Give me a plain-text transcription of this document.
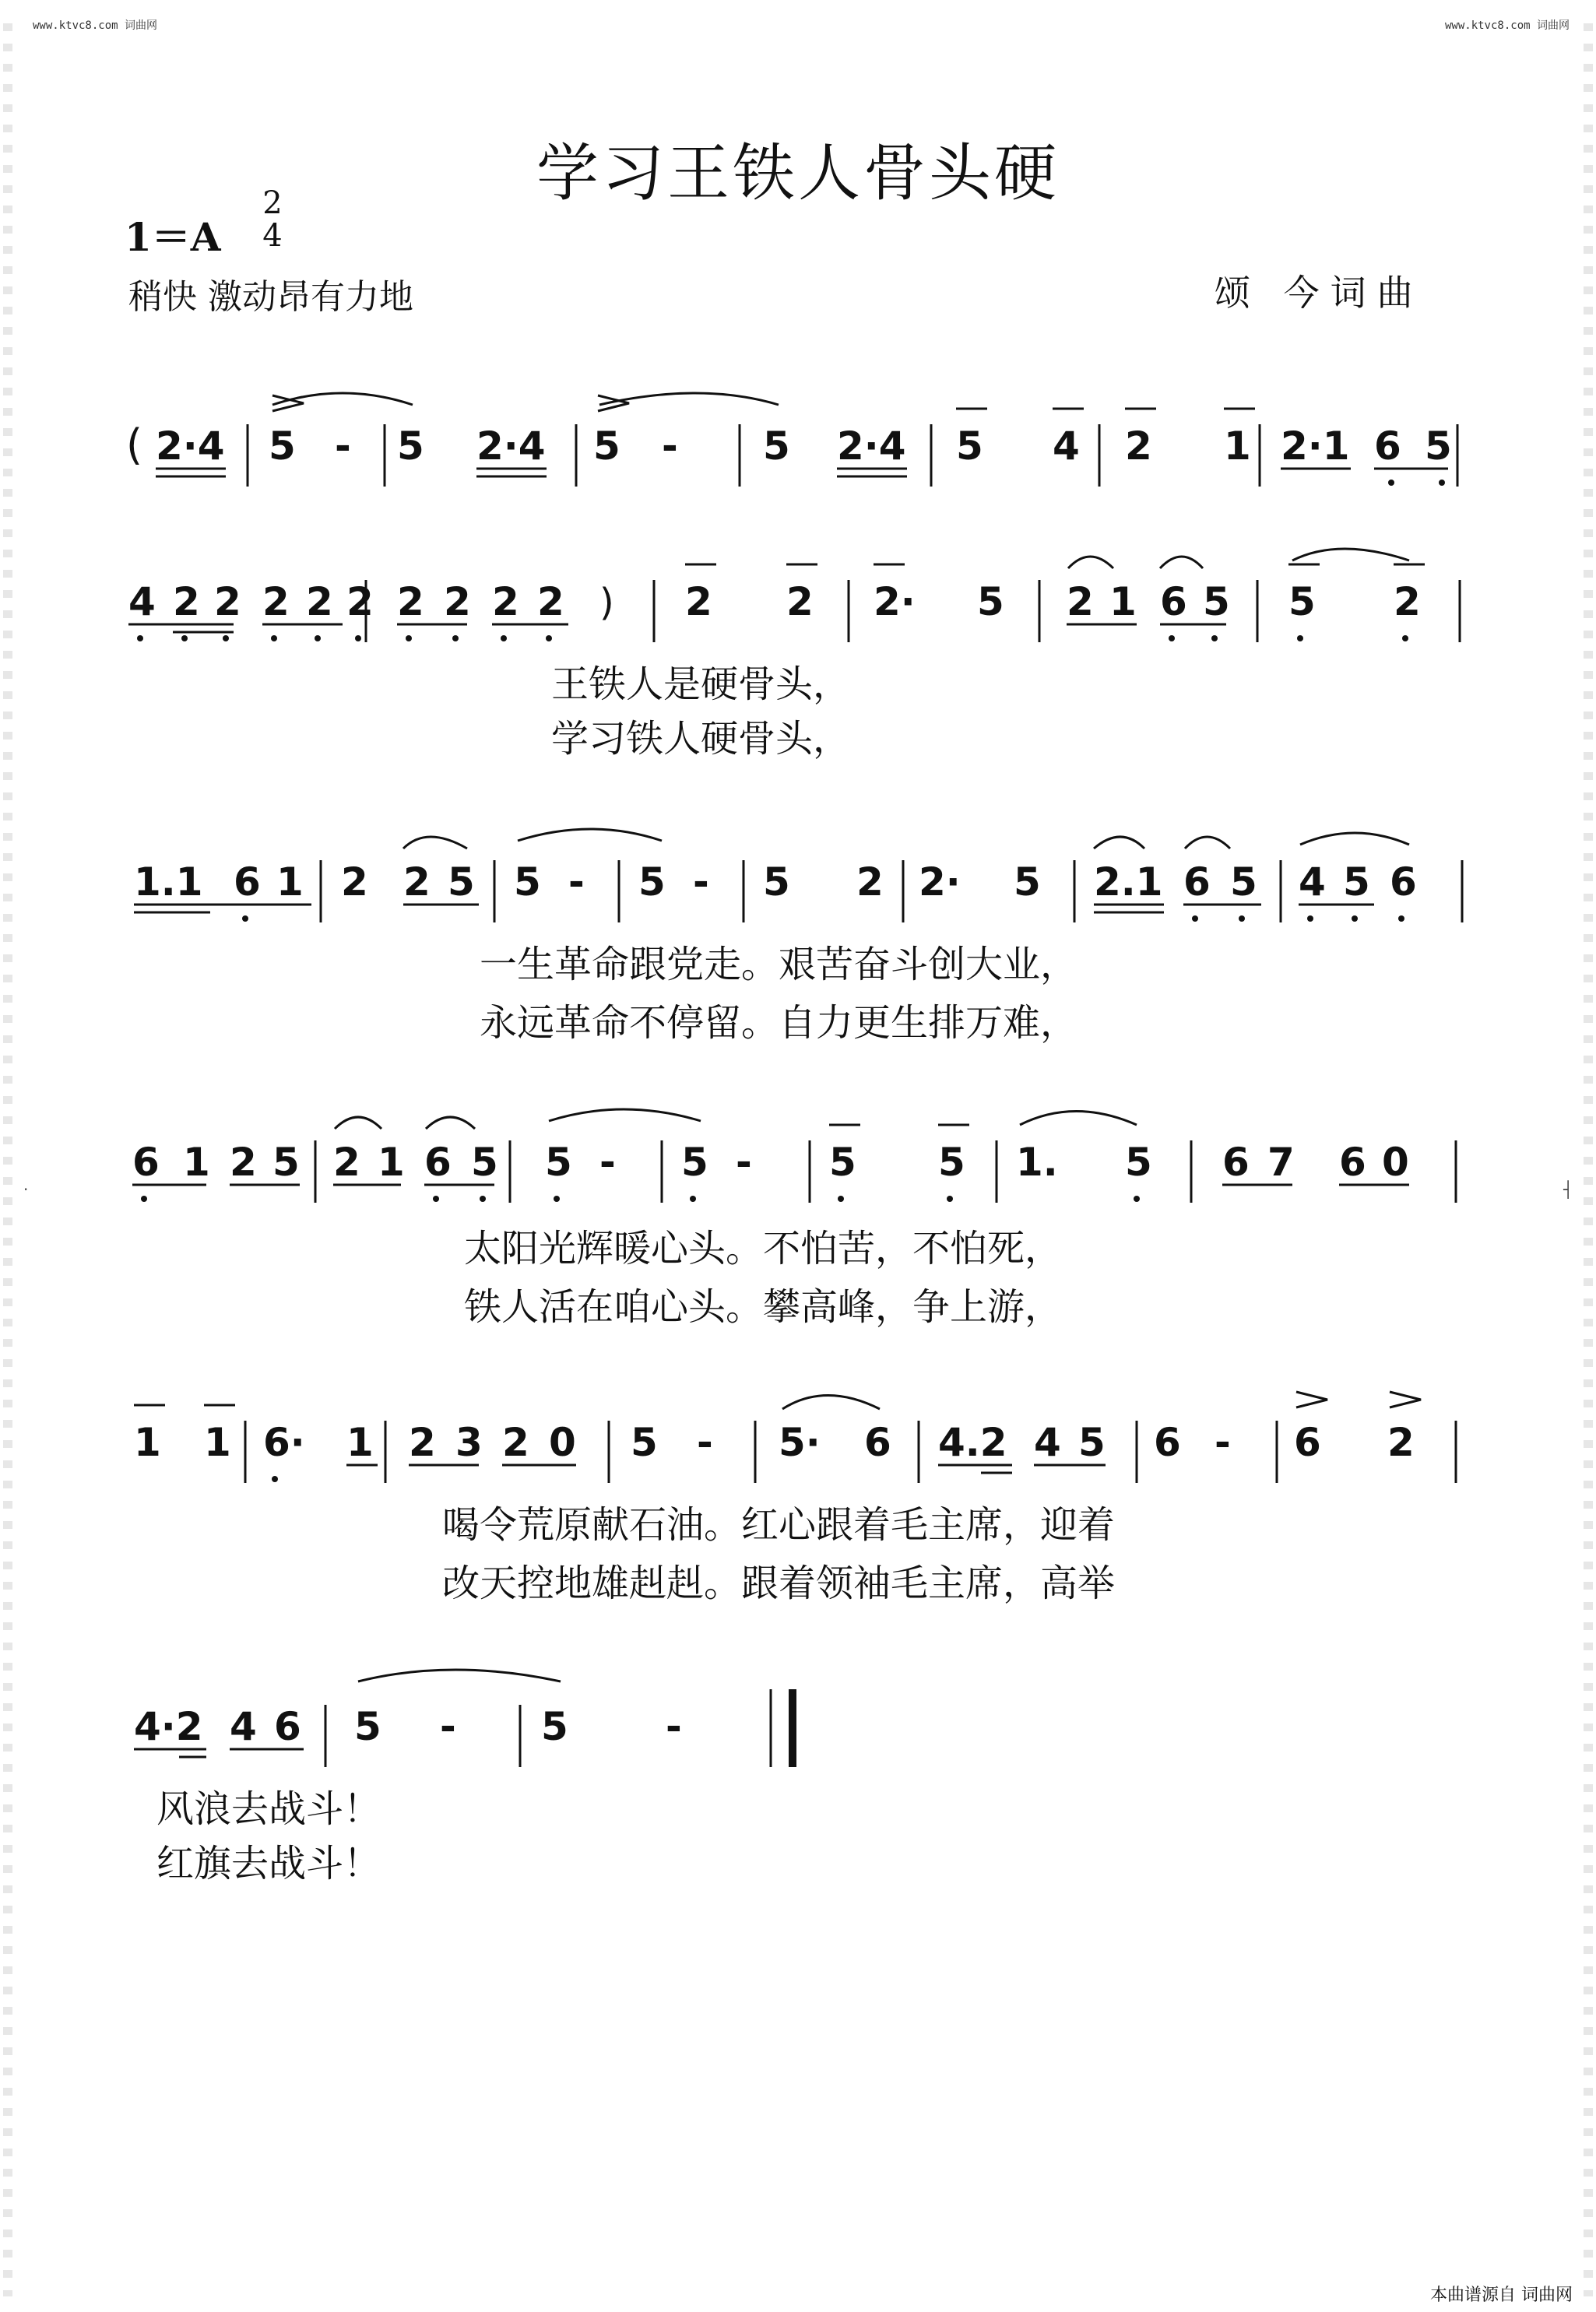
·	┤
www.ktvc8.com 词曲网	www.ktvc8.com 词曲网
学习王铁人骨头硬
1＝A
2
4
稍快 激动昂有力地	颂 今词曲
( 2·4 5 - 5 2·4 5 - 5 2·4 5 4 2 1 2·1 6 5
4 2 2 2 2 2 2 2 2 2 ) 2 2 2· 5 2 1 6 5 5 2
王铁人是硬骨头，
学习铁人硬骨头，
1.1 6 1 2 2 5 5 - 5 - 5 2 2· 5 2.1 6 5 4 5 6
一生革命跟党走。艰苦奋斗创大业，
永远革命不停留。自力更生排万难，
6 1 2 5 2 1 6 5 5 - 5 - 5 5 1. 5 6 7 6 0
太阳光辉暖心头。不怕苦，不怕死，
铁人活在咱心头。攀高峰，争上游，
1 1 6· 1 2 3 2 0 5 - 5· 6 4.2 4 5 6 - 6 2
喝令荒原献石油。红心跟着毛主席，迎着
改天控地雄赳赳。跟着领袖毛主席，高举
4·2 4 6 5 - 5	-
风浪去战斗！
红旗去战斗！
本曲谱源自 词曲网
